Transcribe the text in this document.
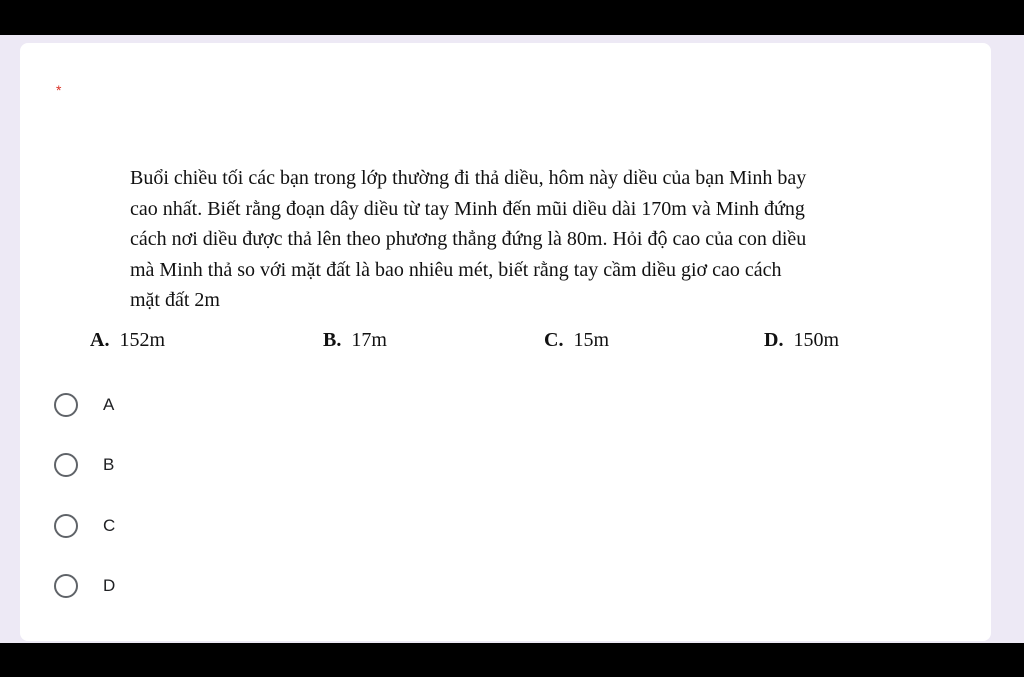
*

Buổi chiều tối các bạn trong lớp thường đi thả diều, hôm này diều của bạn Minh bay
cao nhất. Biết rằng đoạn dây diều từ tay Minh đến mũi diều dài 170m và Minh đứng
cách nơi diều được thả lên theo phương thẳng đứng là 80m. Hỏi độ cao của con diều
mà Minh thả so với mặt đất là bao nhiêu mét, biết rằng tay cầm diều giơ cao cách
mặt đất 2m

A. 152m	B. 17m	C. 15m	D. 150m
A
B
C
D
